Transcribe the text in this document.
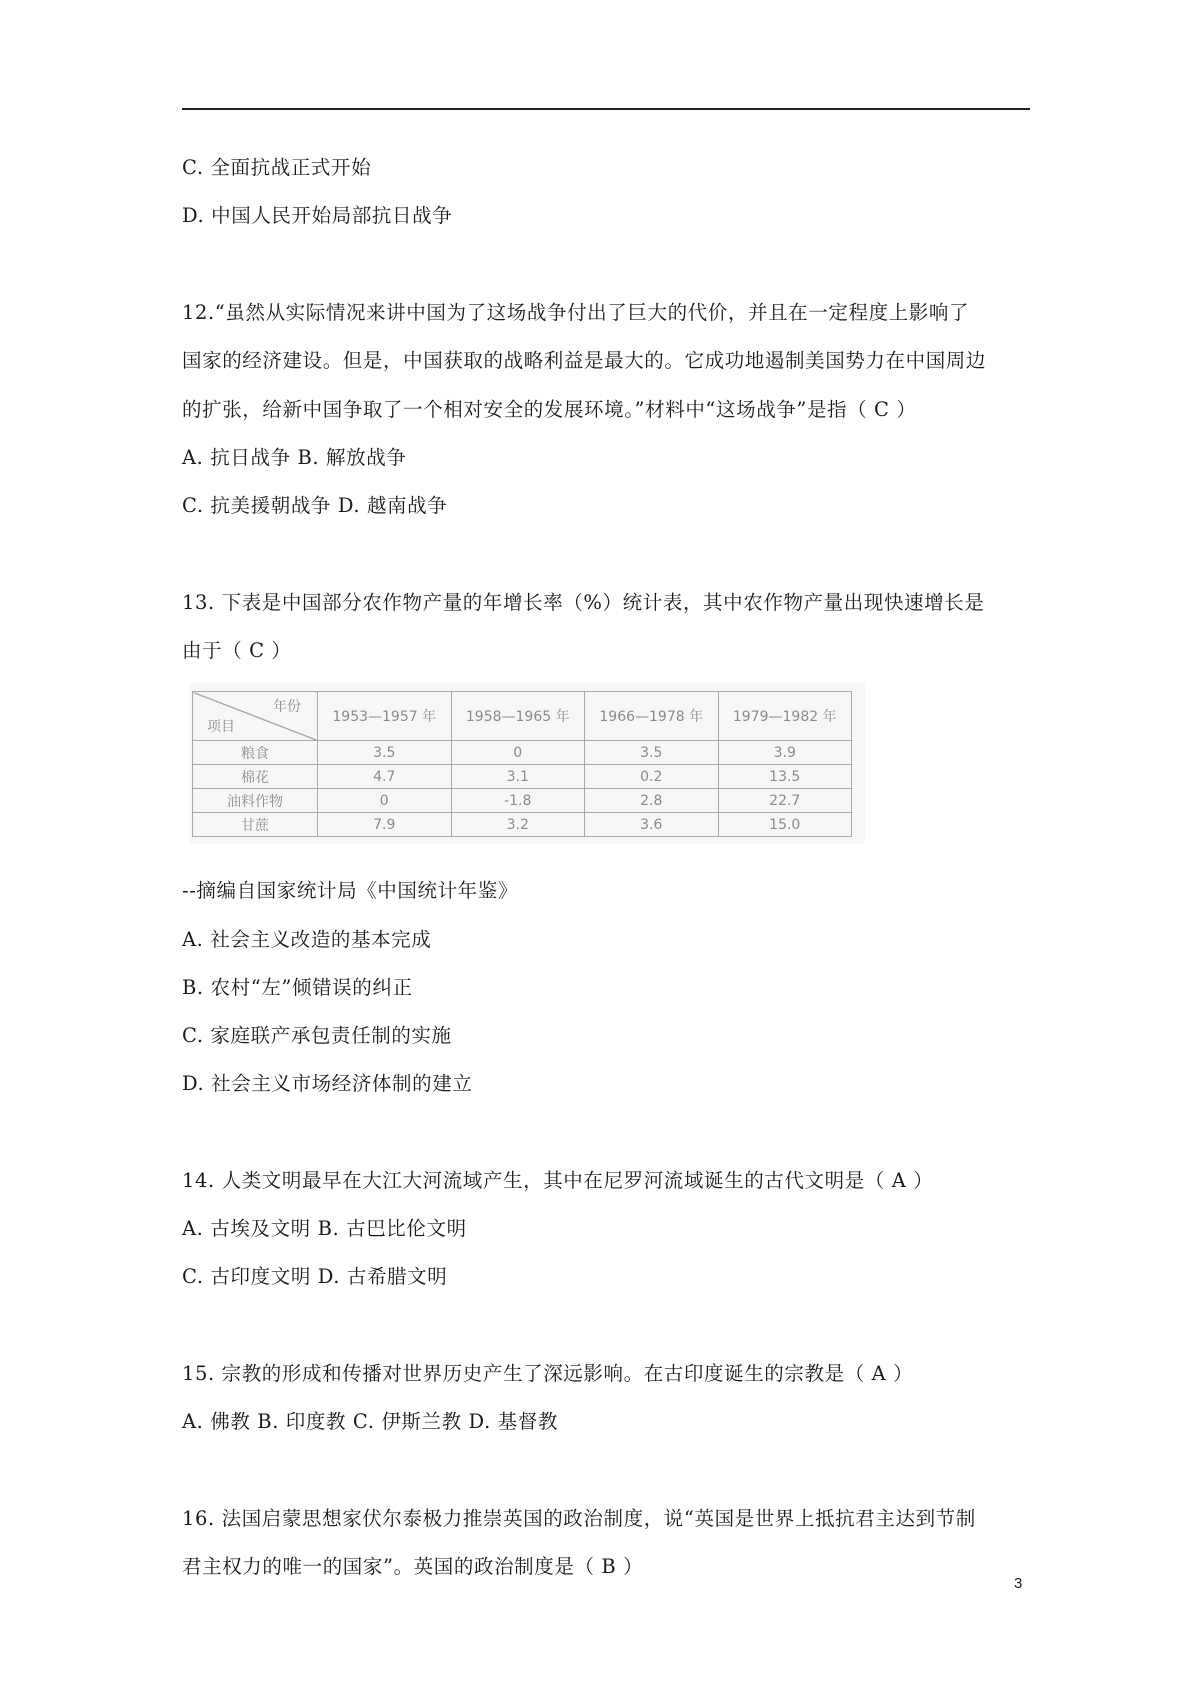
C. 全面抗战正式开始
D. 中国人民开始局部抗日战争
12.“虽然从实际情况来讲中国为了这场战争付出了巨大的代价，并且在一定程度上影响了
国家的经济建设。但是，中国获取的战略利益是最大的。它成功地遏制美国势力在中国周边
的扩张，给新中国争取了一个相对安全的发展环境。”材料中“这场战争”是指（ C ）
A. 抗日战争 B. 解放战争
C. 抗美援朝战争 D. 越南战争
13. 下表是中国部分农作物产量的年增长率（%）统计表，其中农作物产量出现快速增长是
由于（ C ）
--摘编自国家统计局《中国统计年鉴》
A. 社会主义改造的基本完成
B. 农村“左”倾错误的纠正
C. 家庭联产承包责任制的实施
D. 社会主义市场经济体制的建立
14. 人类文明最早在大江大河流域产生，其中在尼罗河流域诞生的古代文明是（ A ）
A. 古埃及文明 B. 古巴比伦文明
C. 古印度文明 D. 古希腊文明
15. 宗教的形成和传播对世界历史产生了深远影响。在古印度诞生的宗教是（ A ）
A. 佛教 B. 印度教 C. 伊斯兰教 D. 基督教
16. 法国启蒙思想家伏尔泰极力推崇英国的政治制度，说“英国是世界上抵抗君主达到节制
君主权力的唯一的国家”。英国的政治制度是（ B ）
年份
项目	1953—1957 年	1958—1965 年	1966—1978 年	1979—1982 年
粮食	3.5	0	3.5	3.9
棉花	4.7	3.1	0.2	13.5
油料作物	0	-1.8	2.8	22.7
甘蔗	7.9	3.2	3.6	15.0
3
